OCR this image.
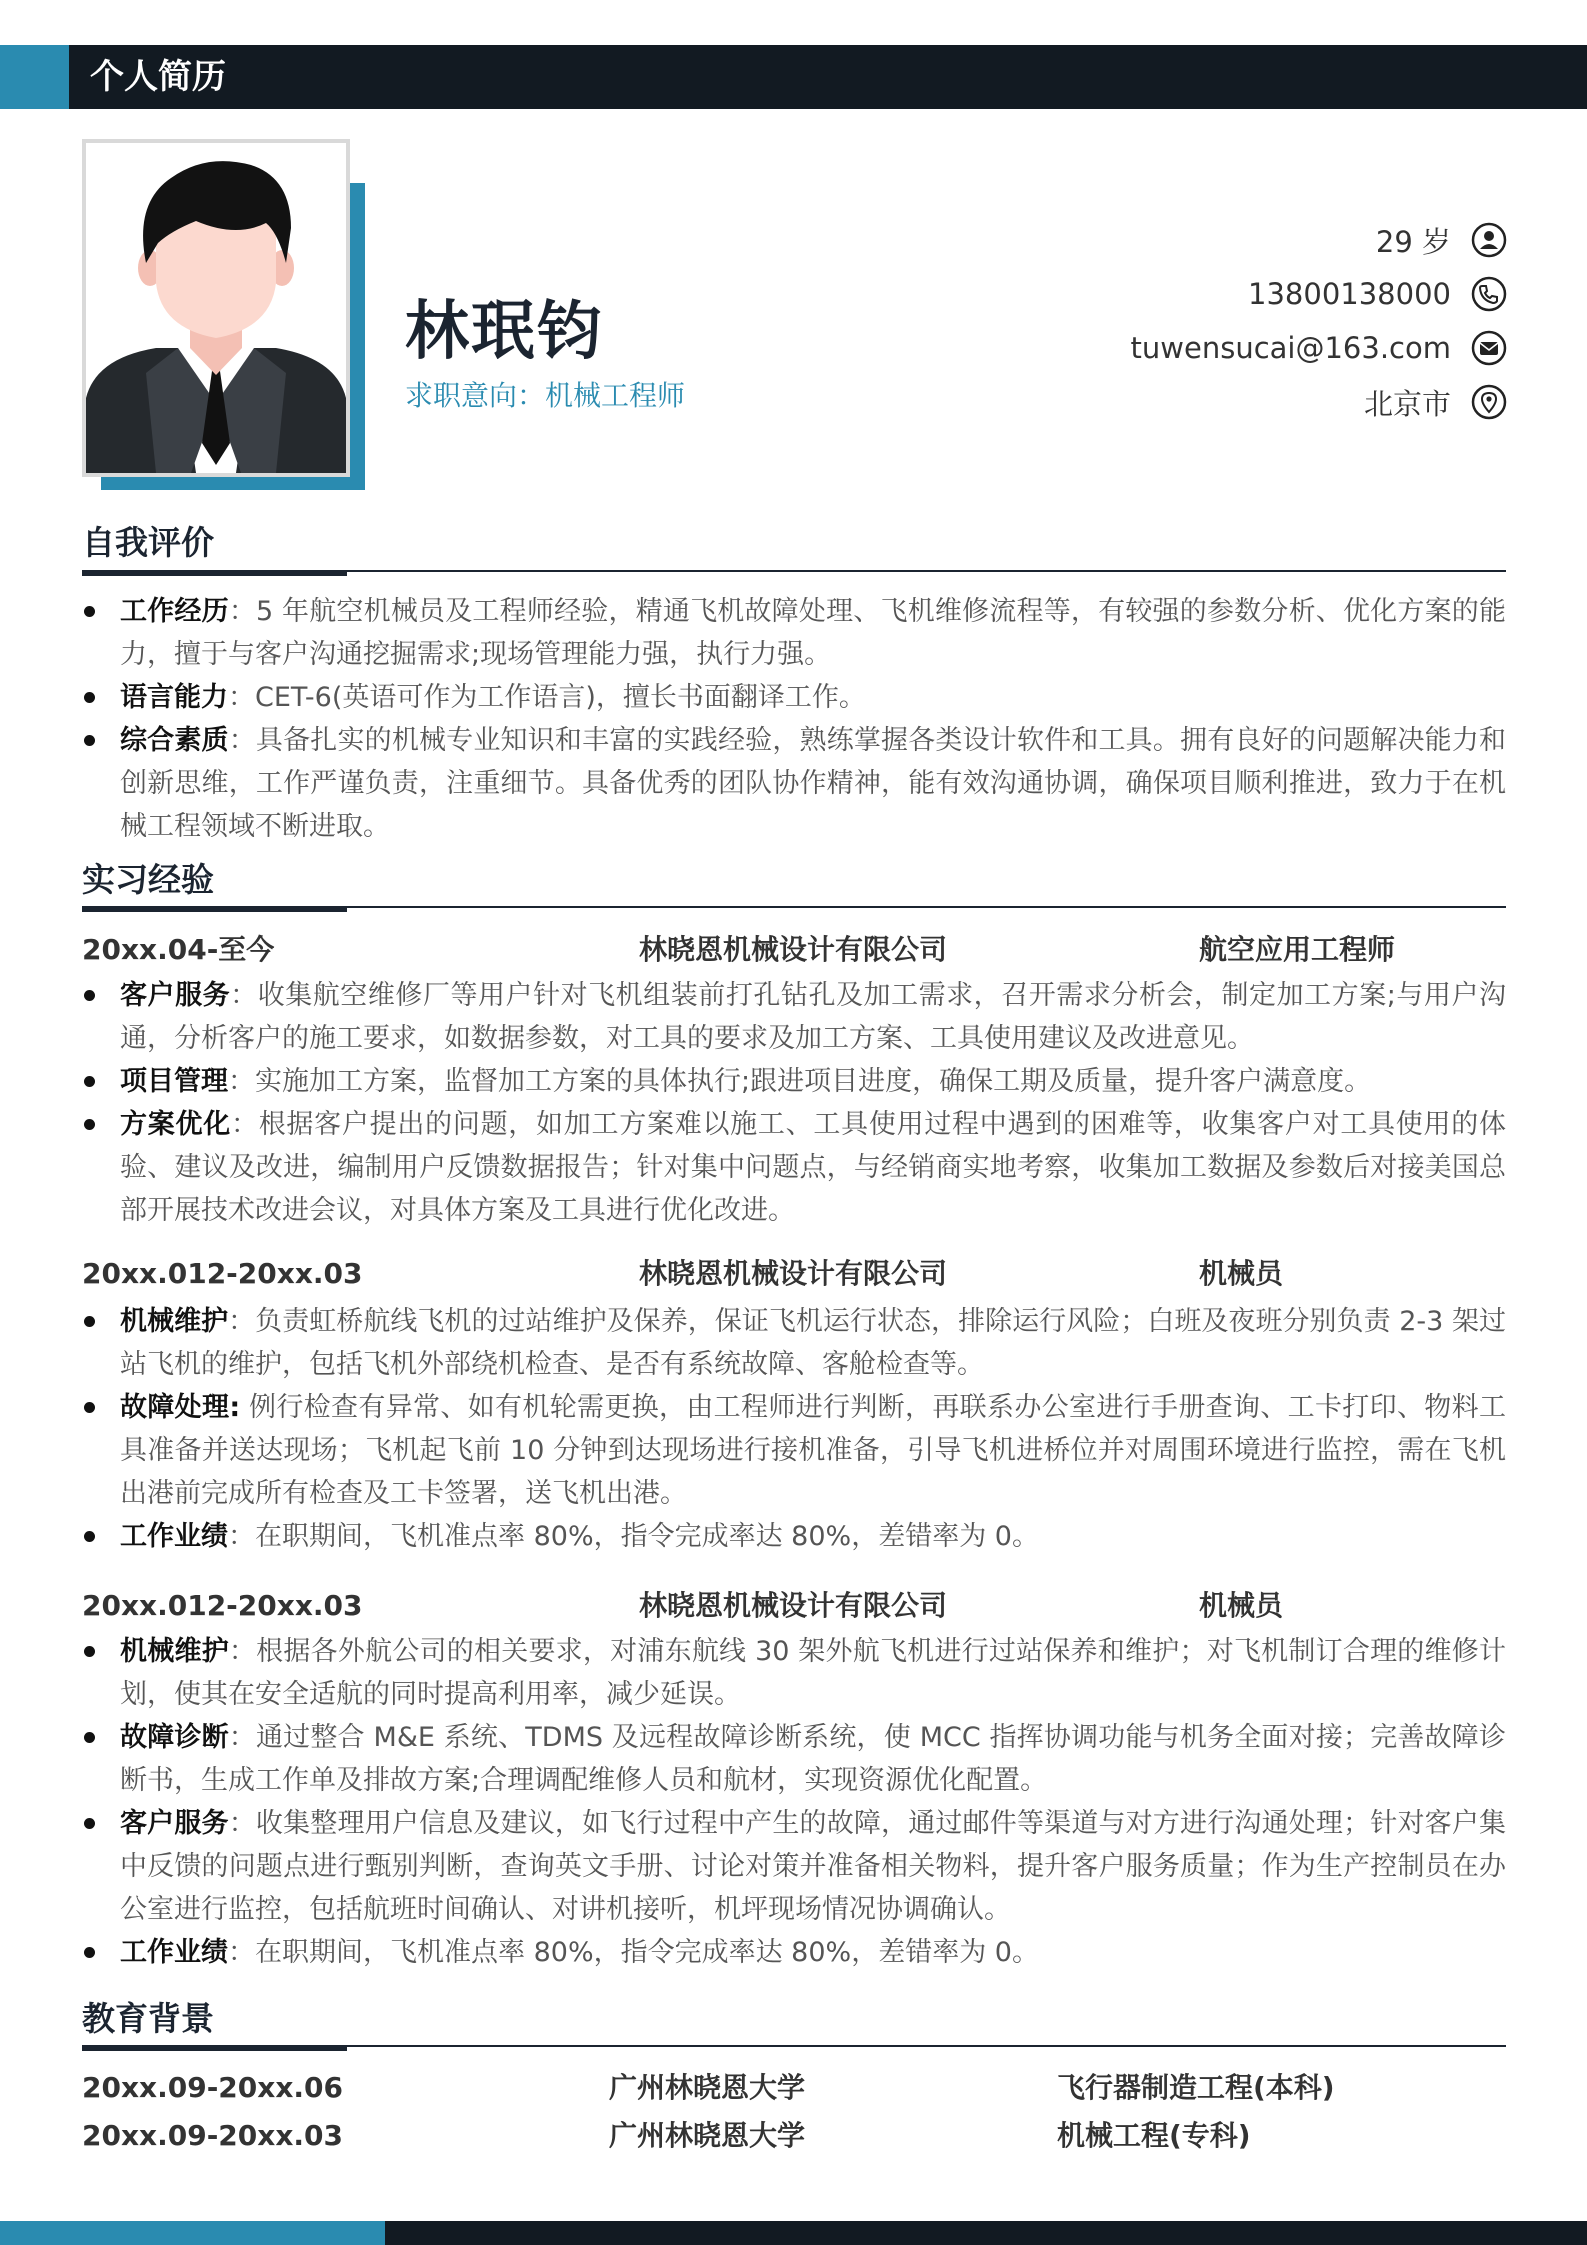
个人简历
林珉钧
求职意向：机械工程师
29 岁
13800138000
tuwensucai@163.com
北京市
自我评价
工作经历：5 年航空机械员及工程师经验，精通飞机故障处理、飞机维修流程等，有较强的参数分析、优化方案的能力，擅于与客户沟通挖掘需求;现场管理能力强，执行力强。
语言能力：CET-6(英语可作为工作语言)，擅长书面翻译工作。
综合素质：具备扎实的机械专业知识和丰富的实践经验，熟练掌握各类设计软件和工具。拥有良好的问题解决能力和创新思维，工作严谨负责，注重细节。具备优秀的团队协作精神，能有效沟通协调，确保项目顺利推进，致力于在机械工程领域不断进取。
实习经验
20xx.04-至今	林晓恩机械设计有限公司	航空应用工程师
客户服务：收集航空维修厂等用户针对飞机组装前打孔钻孔及加工需求，召开需求分析会，制定加工方案;与用户沟通，分析客户的施工要求，如数据参数，对工具的要求及加工方案、工具使用建议及改进意见。
项目管理：实施加工方案，监督加工方案的具体执行;跟进项目进度，确保工期及质量，提升客户满意度。
方案优化：根据客户提出的问题，如加工方案难以施工、工具使用过程中遇到的困难等，收集客户对工具使用的体验、建议及改进，编制用户反馈数据报告；针对集中问题点，与经销商实地考察，收集加工数据及参数后对接美国总部开展技术改进会议，对具体方案及工具进行优化改进。
20xx.012-20xx.03	林晓恩机械设计有限公司	机械员
机械维护：负责虹桥航线飞机的过站维护及保养，保证飞机运行状态，排除运行风险；白班及夜班分别负责 2-3 架过站飞机的维护，包括飞机外部绕机检查、是否有系统故障、客舱检查等。
故障处理: 例行检查有异常、如有机轮需更换，由工程师进行判断，再联系办公室进行手册查询、工卡打印、物料工具准备并送达现场；飞机起飞前 10 分钟到达现场进行接机准备，引导飞机进桥位并对周围环境进行监控，需在飞机出港前完成所有检查及工卡签署，送飞机出港。
工作业绩：在职期间，飞机准点率 80%，指令完成率达 80%，差错率为 0。
20xx.012-20xx.03	林晓恩机械设计有限公司	机械员
机械维护：根据各外航公司的相关要求，对浦东航线 30 架外航飞机进行过站保养和维护；对飞机制订合理的维修计划，使其在安全适航的同时提高利用率，减少延误。
故障诊断：通过整合 M&E 系统、TDMS 及远程故障诊断系统，使 MCC 指挥协调功能与机务全面对接；完善故障诊断书，生成工作单及排故方案;合理调配维修人员和航材，实现资源优化配置。
客户服务：收集整理用户信息及建议，如飞行过程中产生的故障，通过邮件等渠道与对方进行沟通处理；针对客户集中反馈的问题点进行甄别判断，查询英文手册、讨论对策并准备相关物料，提升客户服务质量；作为生产控制员在办公室进行监控，包括航班时间确认、对讲机接听，机坪现场情况协调确认。
工作业绩：在职期间，飞机准点率 80%，指令完成率达 80%，差错率为 0。
教育背景
20xx.09-20xx.06	广州林晓恩大学	飞行器制造工程(本科)
20xx.09-20xx.03	广州林晓恩大学	机械工程(专科)
